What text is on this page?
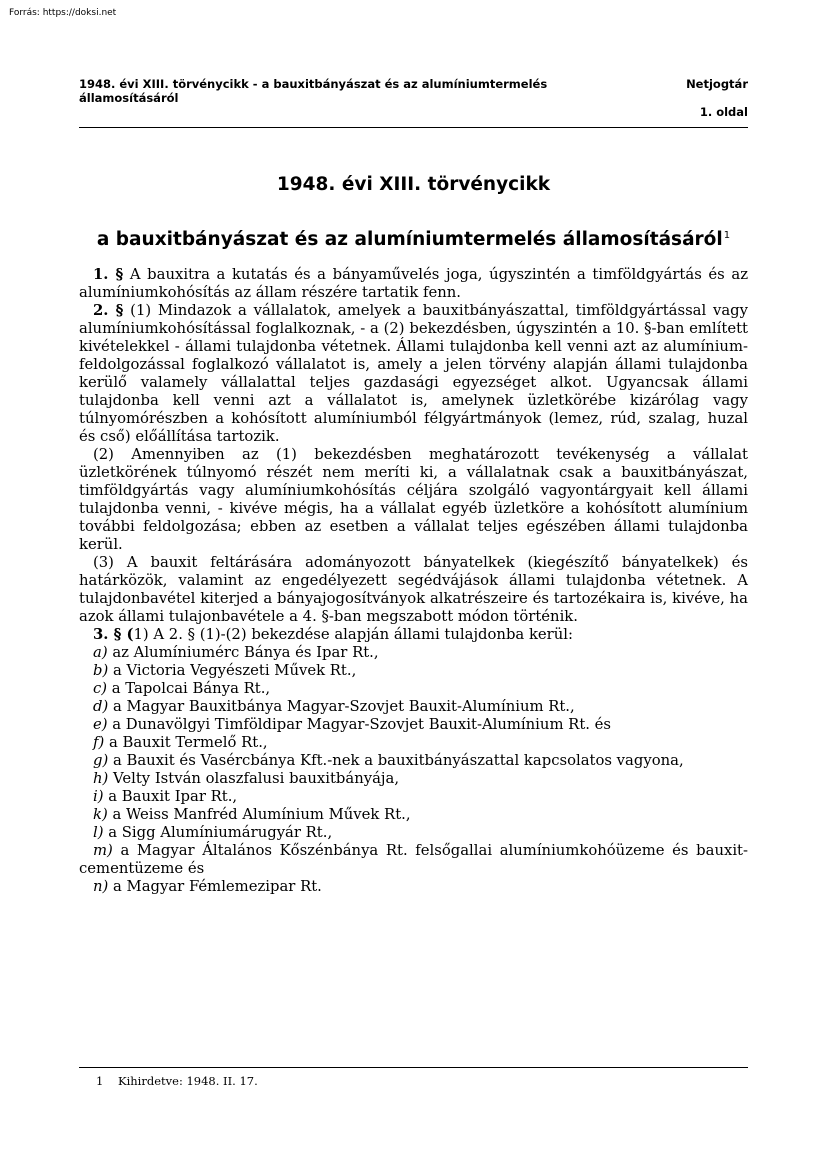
Forrás: https://doksi.net
1948. évi XIII. törvénycikk - a bauxitbányászat és az alumíniumtermelés
államosításáról
Netjogtár
1. oldal
1948. évi XIII. törvénycikk
a bauxitbányászat és az alumíniumtermelés államosításáról$^1$

1. § A bauxitra a kutatás és a bányaművelés joga, úgyszintén a timföldgyártás és az alumíniumkohósítás az állam részére tartatik fenn.

2. § (1) Mindazok a vállalatok, amelyek a bauxitbányászattal, timföldgyártással vagy alumíniumkohósítással foglalkoznak, - a (2) bekezdésben, úgyszintén a 10. §-ban említett kivételekkel - állami tulajdonba vétetnek. Állami tulajdonba kell venni azt az alumínium-feldolgozással foglalkozó vállalatot is, amely a jelen törvény alapján állami tulajdonba kerülő valamely vállalattal teljes gazdasági egyezséget alkot. Ugyancsak állami tulajdonba kell venni azt a vállalatot is, amelynek üzletkörébe kizárólag vagy túlnyomórészben a kohósított alumíniumból félgyártmányok (lemez, rúd, szalag, huzal és cső) előállítása tartozik.

(2) Amennyiben az (1) bekezdésben meghatározott tevékenység a vállalat üzletkörének túlnyomó részét nem meríti ki, a vállalatnak csak a bauxitbányászat, timföldgyártás vagy alumíniumkohósítás céljára szolgáló vagyontárgyait kell állami tulajdonba venni, - kivéve mégis, ha a vállalat egyéb üzletköre a kohósított alumínium további feldolgozása; ebben az esetben a vállalat teljes egészében állami tulajdonba kerül.

(3) A bauxit feltárására adományozott bányatelkek (kiegészítő bányatelkek) és határközök, valamint az engedélyezett segédvájások állami tulajdonba vétetnek. A tulajdonbavétel kiterjed a bányajogosítványok alkatrészeire és tartozékaira is, kivéve, ha azok állami tulajonbavétele a 4. §-ban megszabott módon történik.

3. § (1) A 2. § (1)-(2) bekezdése alapján állami tulajdonba kerül:

a) az Alumíniumérc Bánya és Ipar Rt.,

b) a Victoria Vegyészeti Művek Rt.,

c) a Tapolcai Bánya Rt.,

d) a Magyar Bauxitbánya Magyar-Szovjet Bauxit-Alumínium Rt.,

e) a Dunavölgyi Timföldipar Magyar-Szovjet Bauxit-Alumínium Rt. és

f) a Bauxit Termelő Rt.,

g) a Bauxit és Vasércbánya Kft.-nek a bauxitbányászattal kapcsolatos vagyona,

h) Velty István olaszfalusi bauxitbányája,

i) a Bauxit Ipar Rt.,

k) a Weiss Manfréd Alumínium Művek Rt.,

l) a Sigg Alumíniumárugyár Rt.,

m) a Magyar Általános Kőszénbánya Rt. felsőgallai alumíniumkohóüzeme és bauxit-cementüzeme és

n) a Magyar Fémlemezipar Rt.

1 Kihirdetve: 1948. II. 17.
